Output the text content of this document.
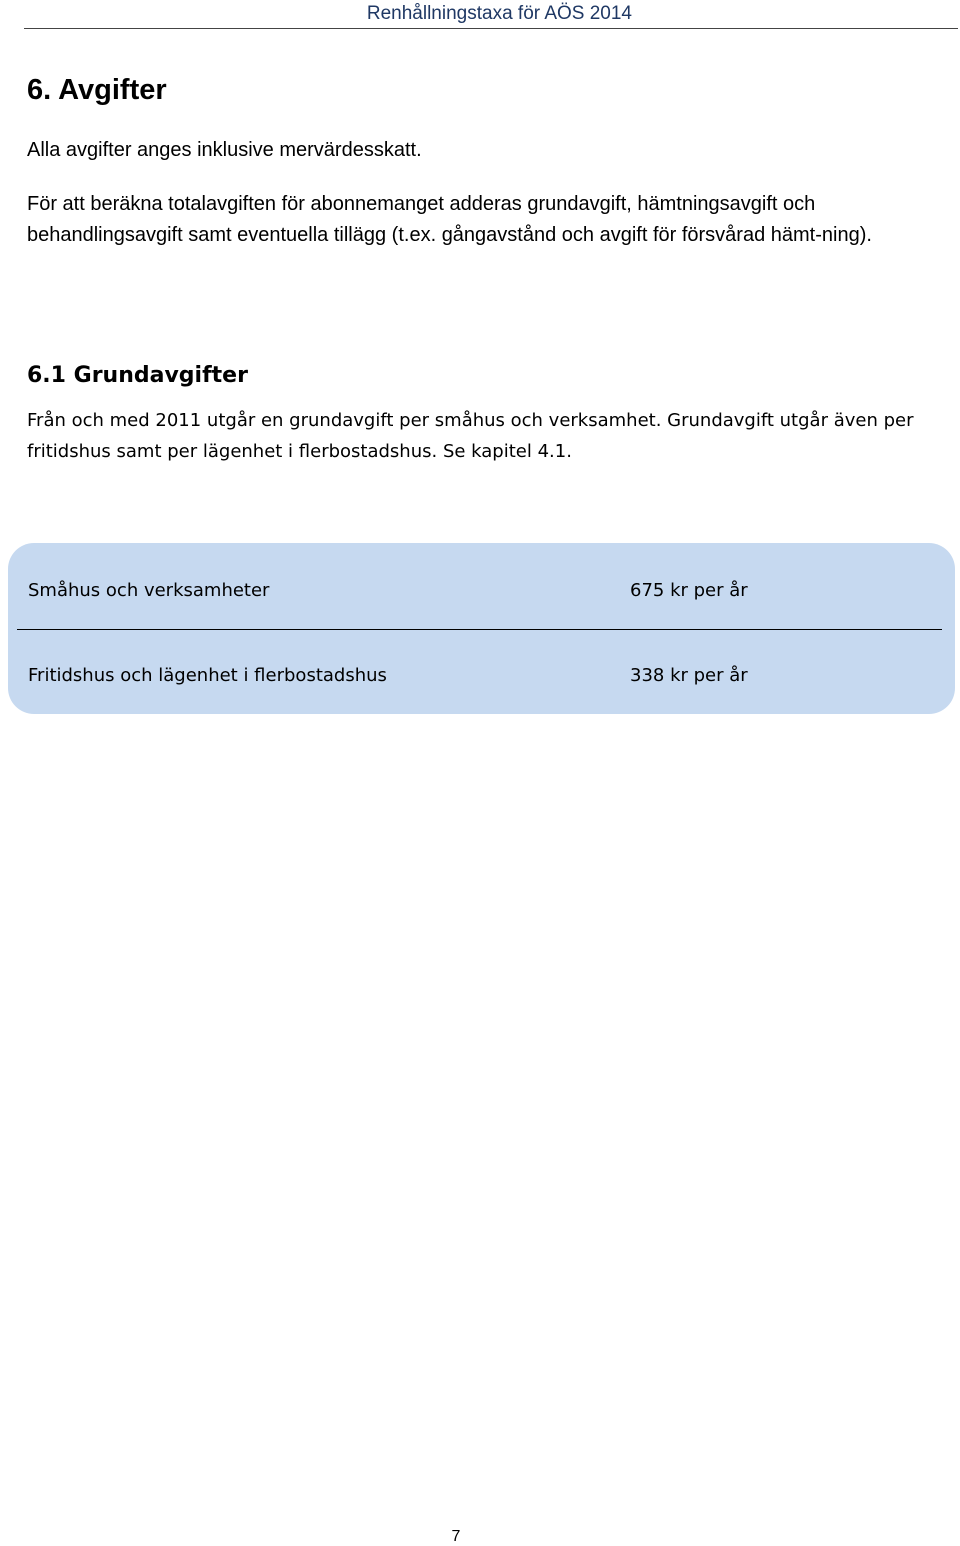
Renhållningstaxa för AÖS 2014
6. Avgifter

Alla avgifter anges inklusive mervärdesskatt.

För att beräkna totalavgiften för abonnemanget adderas grundavgift, hämtningsavgift och behandlingsavgift samt eventuella tillägg (t.ex. gångavstånd och avgift för försvårad hämt-ning).

6.1 Grundavgifter

Från och med 2011 utgår en grundavgift per småhus och verksamhet. Grundavgift utgår även per fritidshus samt per lägenhet i flerbostadshus. Se kapitel 4.1.

Småhus och verksamheter	675 kr per år
Fritidshus och lägenhet i flerbostadshus	338 kr per år
7
